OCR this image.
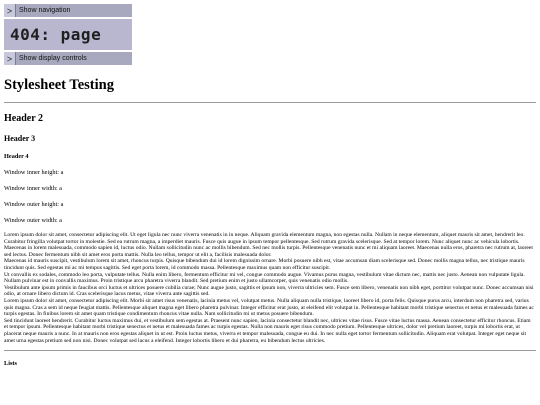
> Show navigation
404: page
> Show display controls
Stylesheet Testing
Header 2
Header 3
Header 4

Window inner height: a

Window inner width: a

Window outer height: a

Window outer width: a

Lorem ipsum dolor sit amet, consectetur adipiscing elit. Ut eget ligula nec nunc viverra venenatis in in neque. Aliquam gravida elementum magna, non egestas nulla. Nullam in neque elementum, aliquet mauris sit amet, hendrerit leo. Curabitur fringilla volutpat tortor in molestie. Sed ea rutrum magna, a imperdiet mauris. Fusce quis augue in ipsum tempor pellentesque. Sed rutrum gravida scelerisque. Sed at tempor lorem. Nunc aliquet nunc ac vehicula lobortis. Maecenas in lorem malesuada, commodo sapien id, luctus odio. Nullam sollicitudin nunc ac mollis bibendum. Sed nec mollis turpis. Pellentesque venenatis nunc et mi aliquam laoreet. Maecenas nulla eros, pharetra nec rutrum at, laoreet sed lectus. Donec fermentum nibh sit amet eros porta mattis. Nulla leo tellus, tempor ut elit a, facilisis malesuada dolor.

Maecenas id mauris suscipit, vestibulum lorem sit amet, rhoncus turpis. Quisque bibendum dui id lorem dignissim ornare. Morbi posuere nibh est, vitae accumsan diam scelerisque sed. Donec mollis magna tellus, nec tristique mauris tincidunt quis. Sed egestas mi ac mi tempus sagittis. Sed eget porta lorem, id commodo massa. Pellentesque maximus quam non efficitur suscipit.

Ut convallis ex sodales, commodo leo porta, vulputate tellus. Nulla enim libero, fermentum efficitur mi vel, congue commodo augue. Vivamus purus magna, vestibulum vitae dictum nec, mattis nec justo. Aenean non vulputate ligula. Nullam pulvinar est in convallis maximus. Proin tristique arcu pharetra viverra blandit. Sed pretium enim et justo ullamcorper, quis venenatis odio mollis.

Vestibulum ante ipsum primis in faucibus orci luctus et ultrices posuere cubilia curae; Nunc augue justo, sagittis et ipsum non, viverra ultricies sem. Fusce sem libero, venenatis non nibh eget, porttitor volutpat nunc. Donec accumsan nisi odio, at ornare libero dictum id. Cras scelerisque lacus metus, vitae viverra ante sagittis sed.

Lorem ipsum dolor sit amet, consectetur adipiscing elit. Morbi sit amet risus venenatis, lacinia metus vel, volutpat metus. Nulla aliquam nulla tristique, laoreet libero id, porta felis. Quisque purus arcu, interdum non pharetra sed, varius quis magna. Cras a sem id neque feugiat mattis. Pellentesque aliquet magna eget libero pharetra pulvinar. Integer efficitur erat justo, at eleifend elit volutpat in. Pellentesque habitant morbi tristique senectus et netus et malesuada fames ac turpis egestas. In finibus lorem sit amet quam tristique condimentum rhoncus vitae nulla. Nam sollicitudin mi ut metus posuere bibendum.

Sed tincidunt laoreet hendrerit. Curabitur luctus maximus dui, et vestibulum sem egestas at. Praesent nunc sapien, lacinia consectetur blandit nec, ultrices vitae risus. Fusce vitae luctus massa. Aenean consectetur efficitur rhoncus. Etiam et tempor ipsum. Pellentesque habitant morbi tristique senectus et netus et malesuada fames ac turpis egestas. Nulla non mauris eget risus commodo pretium. Pellentesque ultrices, dolor vel pretium laoreet, turpis mi lobortis erat, ut placerat neque mauris a nunc. In at mauris non eros egestas aliquet in ut est. Proin luctus metus, viverra et tempor malesuada, congue eu dui. In nec nulla eget tortor fermentum sollicitudin. Aliquam erat volutpat. Integer eget neque sit amet urna egestas pretium sed non nisi. Donec volutpat sed lacus a eleifend. Integer lobortis libero et dui pharetra, eu bibendum lectus ultricies.

Lists
